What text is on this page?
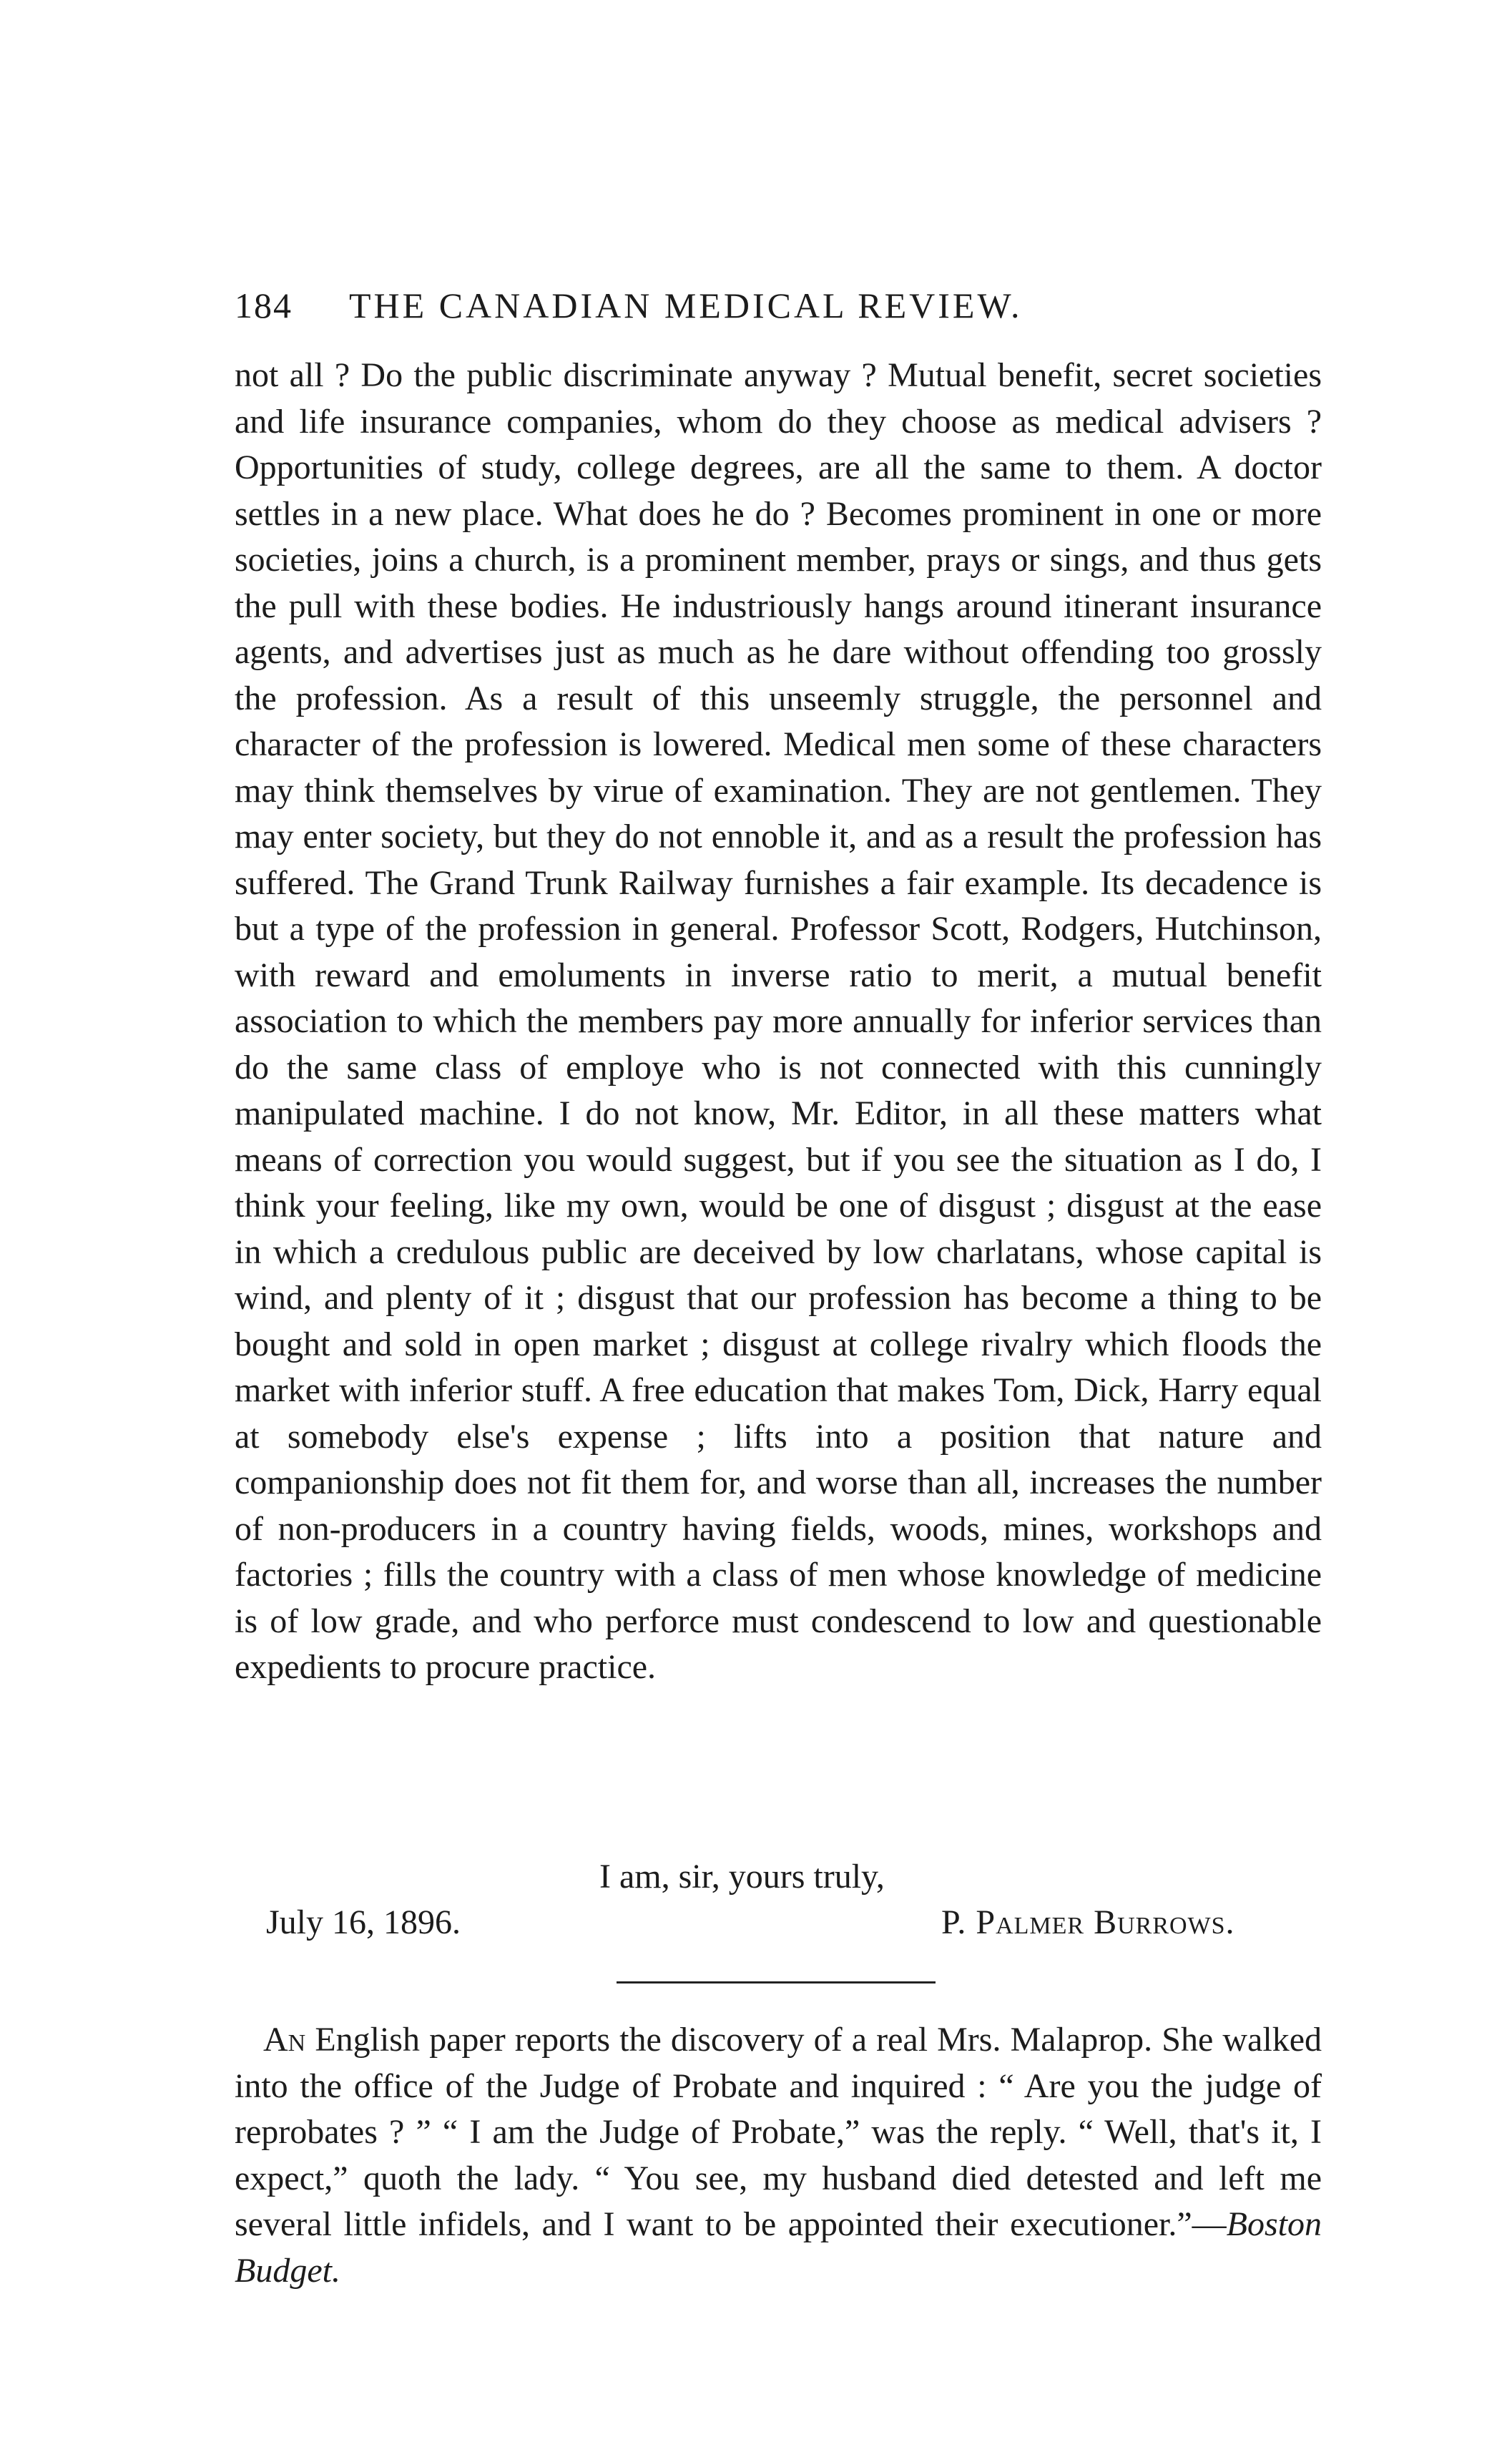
184 THE CANADIAN MEDICAL REVIEW.

not all ? Do the public discriminate anyway ? Mutual benefit, secret societies and life insurance companies, whom do they choose as medical advisers ? Opportunities of study, college degrees, are all the same to them. A doctor settles in a new place. What does he do ? Becomes prominent in one or more societies, joins a church, is a prominent member, prays or sings, and thus gets the pull with these bodies. He industriously hangs around itinerant insurance agents, and advertises just as much as he dare without offending too grossly the profession. As a result of this unseemly struggle, the personnel and character of the profession is lowered. Medical men some of these characters may think themselves by virue of examination. They are not gentlemen. They may enter society, but they do not ennoble it, and as a result the profession has suffered. The Grand Trunk Railway furnishes a fair example. Its decadence is but a type of the profession in general. Professor Scott, Rodgers, Hutchinson, with reward and emoluments in inverse ratio to merit, a mutual benefit association to which the members pay more annually for inferior services than do the same class of employe who is not connected with this cunningly manipulated machine. I do not know, Mr. Editor, in all these matters what means of correction you would suggest, but if you see the situation as I do, I think your feeling, like my own, would be one of disgust ; disgust at the ease in which a credulous public are deceived by low charlatans, whose capital is wind, and plenty of it ; disgust that our profession has become a thing to be bought and sold in open market ; disgust at college rivalry which floods the market with inferior stuff. A free education that makes Tom, Dick, Harry equal at somebody else's expense ; lifts into a position that nature and companionship does not fit them for, and worse than all, increases the number of non-producers in a country having fields, woods, mines, workshops and factories ; fills the country with a class of men whose knowledge of medicine is of low grade, and who perforce must condescend to low and questionable expedients to procure practice.

I am, sir, yours truly,
July 16, 1896.	P. Palmer Burrows.

An English paper reports the discovery of a real Mrs. Malaprop. She walked into the office of the Judge of Probate and inquired : “ Are you the judge of reprobates ? ” “ I am the Judge of Probate,” was the reply. “ Well, that's it, I expect,” quoth the lady. “ You see, my husband died detested and left me several little infidels, and I want to be appointed their executioner.”—Boston Budget.
